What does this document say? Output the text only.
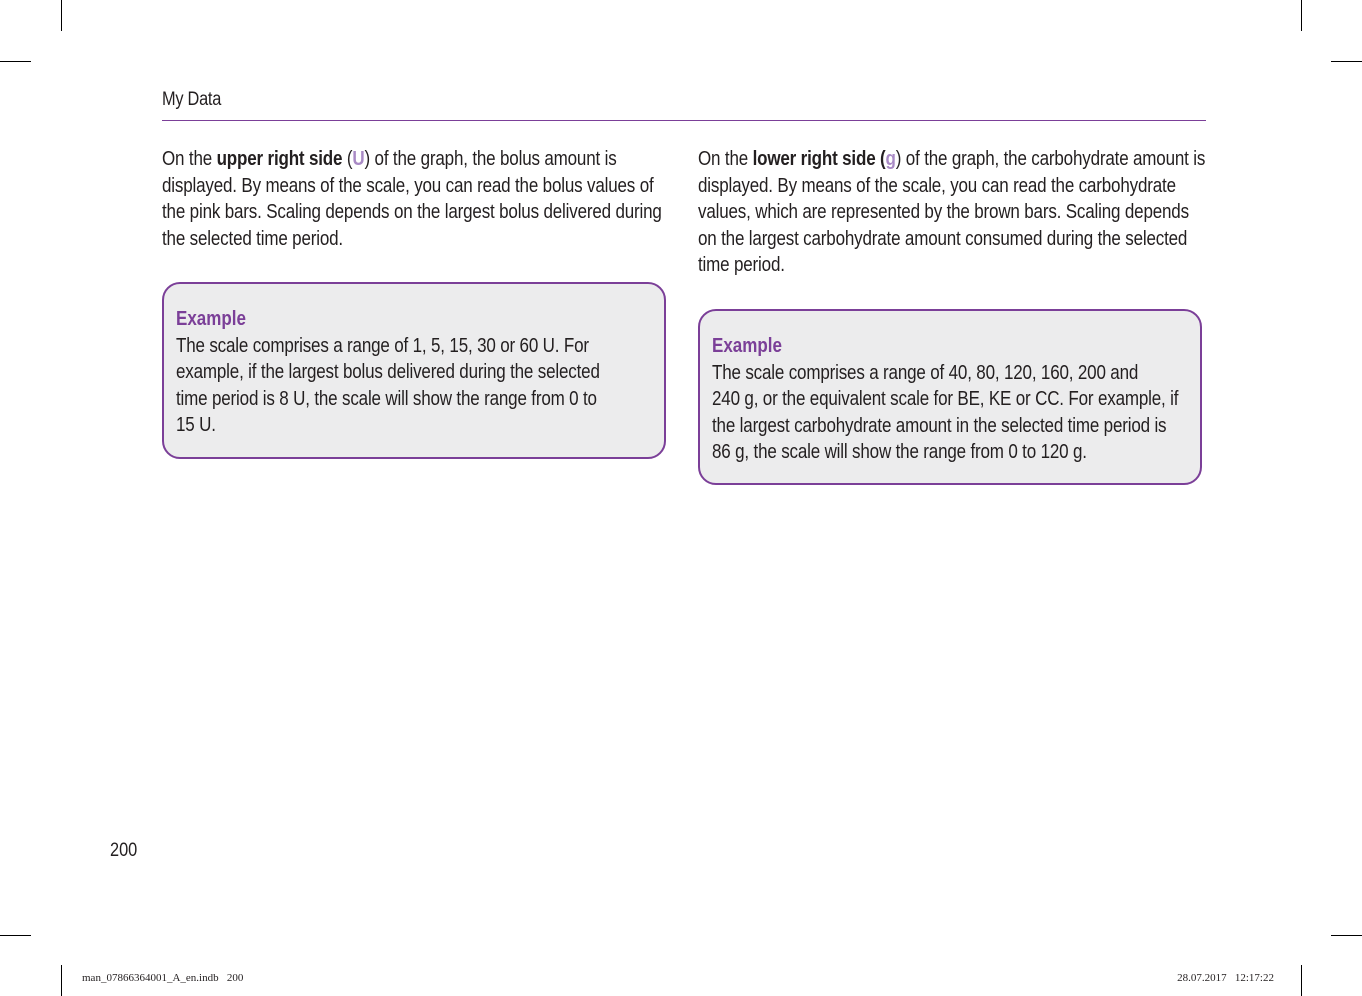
My Data

On the upper right side (U) of the graph, the bolus amount is displayed. By means of the scale, you can read the bolus values of the pink bars. Scaling depends on the largest bolus delivered during the selected time period.

On the lower right side (g) of the graph, the carbohydrate amount is displayed. By means of the scale, you can read the carbohydrate values, which are represented by the brown bars. Scaling depends on the largest carbohydrate amount consumed during the selected time period.

Example

The scale comprises a range of 1, 5, 15, 30 or 60 U. For

example, if the largest bolus delivered during the selected

time period is 8 U, the scale will show the range from 0 to

15 U.

Example

The scale comprises a range of 40, 80, 120, 160, 200 and

240 g, or the equivalent scale for BE, KE or CC. For example, if

the largest carbohydrate amount in the selected time period is

86 g, the scale will show the range from 0 to 120 g.

200
man_07866364001_A_en.indb   200	28.07.2017   12:17:22
